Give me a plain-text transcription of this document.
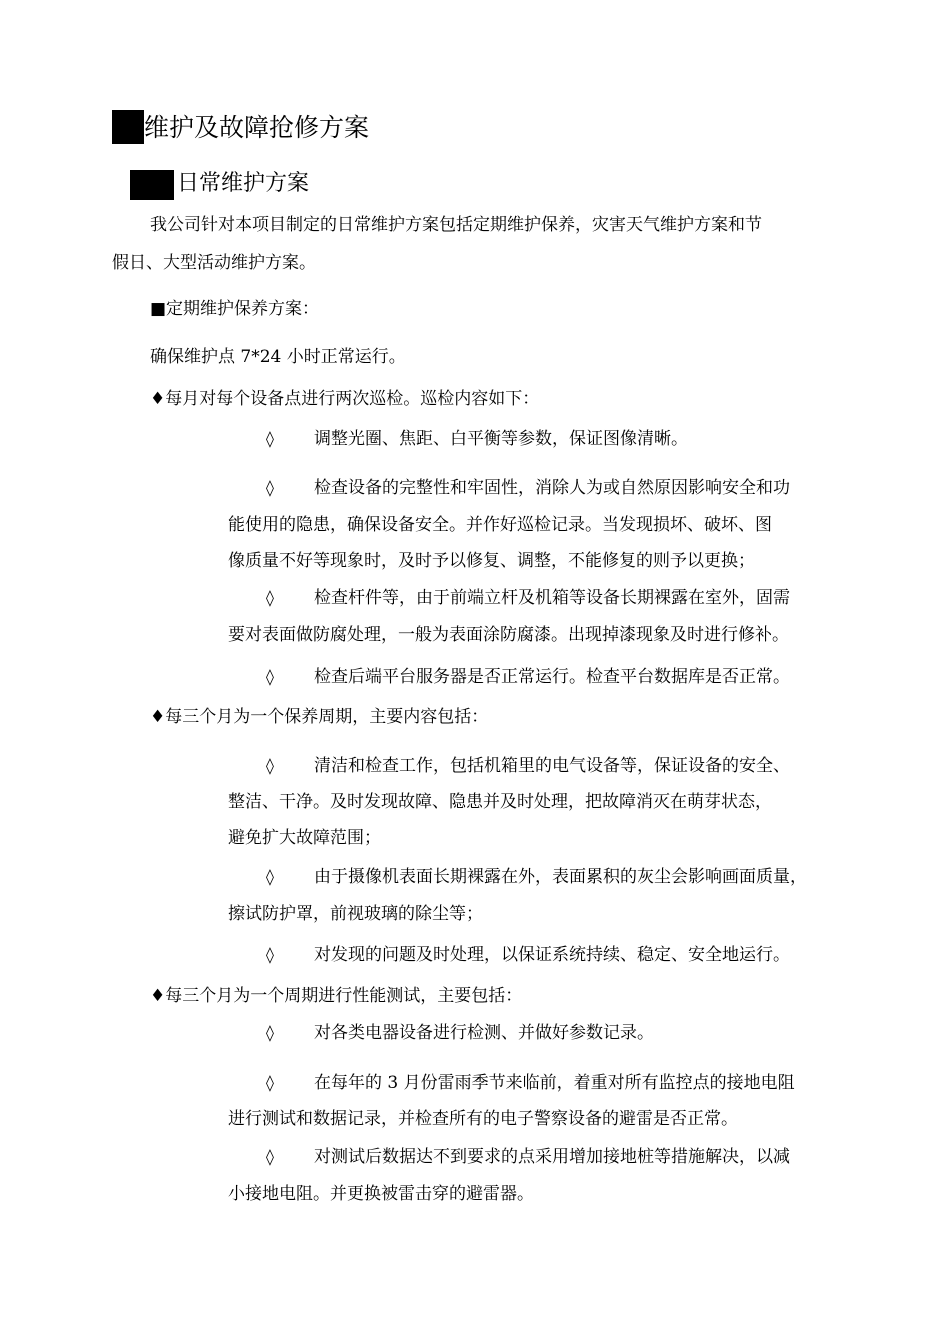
维护及故障抢修方案
日常维护方案
我公司针对本项目制定的日常维护方案包括定期维护保养，灾害天气维护方案和节
假日、大型活动维护方案。
■定期维护保养方案：
确保维护点 7*24 小时正常运行。
♦每月对每个设备点进行两次巡检。巡检内容如下：
◊ 调整光圈、焦距、白平衡等参数，保证图像清晰。
◊ 检查设备的完整性和牢固性，消除人为或自然原因影响安全和功
能使用的隐患，确保设备安全。并作好巡检记录。当发现损坏、破坏、图
像质量不好等现象时，及时予以修复、调整，不能修复的则予以更换；
◊ 检查杆件等，由于前端立杆及机箱等设备长期裸露在室外，固需
要对表面做防腐处理，一般为表面涂防腐漆。出现掉漆现象及时进行修补。
◊ 检查后端平台服务器是否正常运行。检查平台数据库是否正常。
♦每三个月为一个保养周期，主要内容包括：
◊ 清洁和检查工作，包括机箱里的电气设备等，保证设备的安全、
整洁、干净。及时发现故障、隐患并及时处理，把故障消灭在萌芽状态，
避免扩大故障范围；
◊ 由于摄像机表面长期裸露在外，表面累积的灰尘会影响画面质量，
擦试防护罩，前视玻璃的除尘等；
◊ 对发现的问题及时处理，以保证系统持续、稳定、安全地运行。
♦每三个月为一个周期进行性能测试，主要包括：
◊ 对各类电器设备进行检测、并做好参数记录。
◊ 在每年的 3 月份雷雨季节来临前，着重对所有监控点的接地电阻
进行测试和数据记录，并检查所有的电子警察设备的避雷是否正常。
◊ 对测试后数据达不到要求的点采用增加接地桩等措施解决，以减
小接地电阻。并更换被雷击穿的避雷器。
